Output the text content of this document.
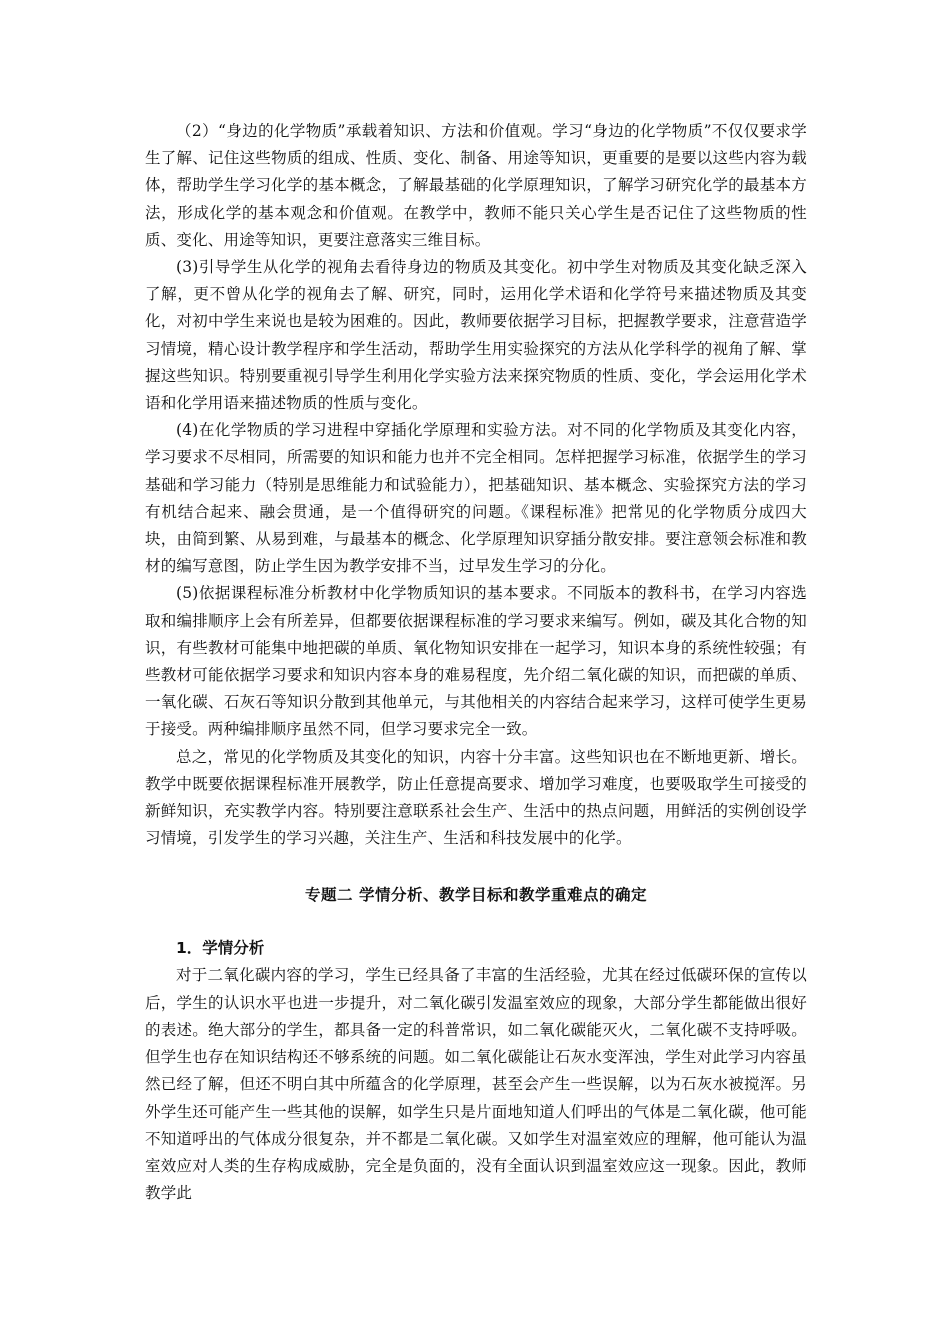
（2）“身边的化学物质”承载着知识、方法和价值观。学习“身边的化学物质”不仅仅要求学生了解、记住这些物质的组成、性质、变化、制备、用途等知识，更重要的是要以这些内容为载体，帮助学生学习化学的基本概念，了解最基础的化学原理知识，了解学习研究化学的最基本方法，形成化学的基本观念和价值观。在教学中，教师不能只关心学生是否记住了这些物质的性质、变化、用途等知识，更要注意落实三维目标。

(3)引导学生从化学的视角去看待身边的物质及其变化。初中学生对物质及其变化缺乏深入了解，更不曾从化学的视角去了解、研究，同时，运用化学术语和化学符号来描述物质及其变化，对初中学生来说也是较为困难的。因此，教师要依据学习目标，把握教学要求，注意营造学习情境，精心设计教学程序和学生活动，帮助学生用实验探究的方法从化学科学的视角了解、掌握这些知识。特别要重视引导学生利用化学实验方法来探究物质的性质、变化，学会运用化学术语和化学用语来描述物质的性质与变化。

(4)在化学物质的学习进程中穿插化学原理和实验方法。对不同的化学物质及其变化内容，学习要求不尽相同，所需要的知识和能力也并不完全相同。怎样把握学习标准，依据学生的学习基础和学习能力（特别是思维能力和试验能力），把基础知识、基本概念、实验探究方法的学习有机结合起来、融会贯通，是一个值得研究的问题。《课程标准》把常见的化学物质分成四大块，由简到繁、从易到难，与最基本的概念、化学原理知识穿插分散安排。要注意领会标准和教材的编写意图，防止学生因为教学安排不当，过早发生学习的分化。

(5)依据课程标准分析教材中化学物质知识的基本要求。不同版本的教科书，在学习内容选取和编排顺序上会有所差异，但都要依据课程标准的学习要求来编写。例如，碳及其化合物的知识，有些教材可能集中地把碳的单质、氧化物知识安排在一起学习，知识本身的系统性较强；有些教材可能依据学习要求和知识内容本身的难易程度，先介绍二氧化碳的知识，而把碳的单质、一氧化碳、石灰石等知识分散到其他单元，与其他相关的内容结合起来学习，这样可使学生更易于接受。两种编排顺序虽然不同，但学习要求完全一致。

总之，常见的化学物质及其变化的知识，内容十分丰富。这些知识也在不断地更新、增长。教学中既要依据课程标准开展教学，防止任意提高要求、增加学习难度，也要吸取学生可接受的新鲜知识，充实教学内容。特别要注意联系社会生产、生活中的热点问题，用鲜活的实例创设学习情境，引发学生的学习兴趣，关注生产、生活和科技发展中的化学。

专题二 学情分析、教学目标和教学重难点的确定
1．学情分析

对于二氧化碳内容的学习，学生已经具备了丰富的生活经验，尤其在经过低碳环保的宣传以后，学生的认识水平也进一步提升，对二氧化碳引发温室效应的现象，大部分学生都能做出很好的表述。绝大部分的学生，都具备一定的科普常识，如二氧化碳能灭火，二氧化碳不支持呼吸。但学生也存在知识结构还不够系统的问题。如二氧化碳能让石灰水变浑浊，学生对此学习内容虽然已经了解，但还不明白其中所蕴含的化学原理，甚至会产生一些误解，以为石灰水被搅浑。另外学生还可能产生一些其他的误解，如学生只是片面地知道人们呼出的气体是二氧化碳，他可能不知道呼出的气体成分很复杂，并不都是二氧化碳。又如学生对温室效应的理解，他可能认为温室效应对人类的生存构成威胁，完全是负面的，没有全面认识到温室效应这一现象。因此，教师教学此
